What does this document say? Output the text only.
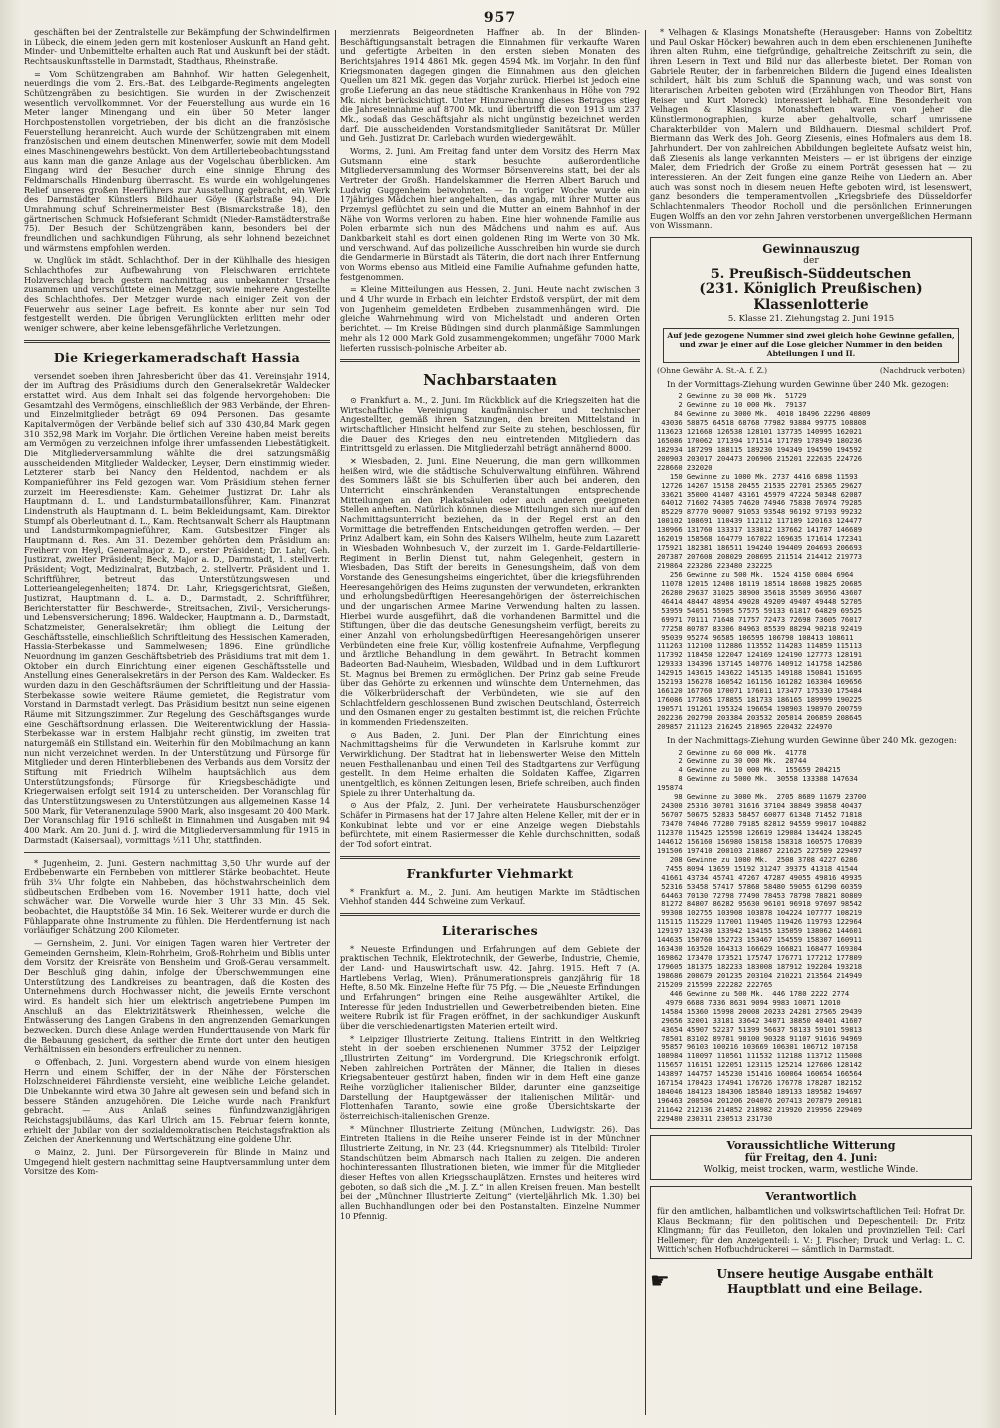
957

geschäften bei der Zentralstelle zur Bekämpfung der Schwindelfirmen in Lübeck, die einem jeden gern mit kostenloser Auskunft an Hand geht. Minder- und Unbemittelte erhalten auch Rat und Auskunft bei der städt. Rechtsauskunftsstelle in Darmstadt, Stadthaus, Rheinstraße.

= Vom Schützengraben am Bahnhof. Wir hatten Gelegenheit, neuerdings die vom 2. Ers.-Bat. des Leibgarde-Regiments angelegten Schützengräben zu besichtigen. Sie wurden in der Zwischenzeit wesentlich vervollkommnet. Vor der Feuerstellung aus wurde ein 16 Meter langer Minengang und ein über 50 Meter langer Horchpostenstollen vorgetrieben, der bis dicht an die französische Feuerstellung heranreicht. Auch wurde der Schützengraben mit einem französischen und einem deutschen Minenwerfer, sowie mit dem Modell eines Maschinengewehrs bestückt. Von dem Artilleriebeobachtungsstand aus kann man die ganze Anlage aus der Vogelschau überblicken. Am Eingang wird der Besucher durch eine sinnige Ehrung des Feldmarschalls Hindenburg überrascht. Es wurde ein wohlgelungenes Relief unseres großen Heerführers zur Ausstellung gebracht, ein Werk des Darmstädter Künstlers Bildhauer Göye (Karlstraße 94). Die Umrahmung schuf Schreinermeister Best (Bismarckstraße 18), den gärtnerischen Schmuck Hofsieferant Schmidt (Nieder-Ramstädterstraße 75). Der Besuch der Schützengräben kann, besonders bei der freundlichen und sachkundigen Führung, als sehr lohnend bezeichnet und wärmstens empfohlen werden.

w. Unglück im städt. Schlachthof. Der in der Kühlhalle des hiesigen Schlachthofes zur Aufbewahrung von Fleischwaren errichtete Holzverschlag brach gestern nachmittag aus unbekannter Ursache zusammen und verschüttete einen Metzger, sowie mehrere Angestellte des Schlachthofes. Der Metzger wurde nach einiger Zeit von der Feuerwehr aus seiner Lage befreit. Es konnte aber nur sein Tod festgestellt werden. Die übrigen Verunglückten erlitten mehr oder weniger schwere, aber keine lebensgefährliche Verletzungen.

Die Kriegerkameradschaft Hassia

versendet soeben ihren Jahresbericht über das 41. Vereinsjahr 1914, der im Auftrag des Präsidiums durch den Generalsekretär Waldecker erstattet wird. Aus dem Inhalt sei das folgende hervorgehoben: Die Gesamtzahl des Vermögens, einschließlich der 983 Verbände, der Ehren- und Einzelmitglieder beträgt 69 094 Personen. Das gesamte Kapitalvermögen der Verbände belief sich auf 330 430,84 Mark gegen 310 352,98 Mark im Vorjahr. Die örtlichen Vereine haben meist bereits am Vermögen zu verzeichnen infolge ihrer umfassenden Liebestätigkeit. Die Mitgliederversammlung wählte die drei satzungsmäßig ausscheidenden Mitglieder Waldecker, Leyser, Dern einstimmig wieder. Letzterer starb bei Nancy den Heldentod, nachdem er als Kompanieführer ins Feld gezogen war. Vom Präsidium stehen ferner zurzeit im Heeresdienste: Kam. Geheimer Justizrat Dr. Lahr als Hauptmann d. L. und Landsturmbataillonsführer, Kam. Finanzrat Lindenstruth als Hauptmann d. L. beim Bekleidungsamt, Kam. Direktor Stumpf als Oberleutnant d. L., Kam. Rechtsanwalt Scherr als Hauptmann und Landsturmkompagnieführer, Kam. Gutsbesitzer Finger als Hauptmann d. Res. Am 31. Dezember gehörten dem Präsidium an: Freiherr von Heyl, Generalmajor z. D., erster Präsident; Dr. Lahr, Geh. Justizrat, zweiter Präsident; Beck, Major a. D., Darmstadt, 1. stellvertr. Präsident; Vogt, Medizinalrat, Butzbach, 2. stellvertr. Präsident und 1. Schriftführer, betreut das Unterstützungswesen und Lotterieangelegenheiten; 1874. Dr. Lahr, Kriegsgerichtsrat, Gießen, Justizrat, Hauptmann d. L. a. D., Darmstadt, 2. Schriftführer, Berichterstatter für Beschwerde-, Streitsachen, Zivil-, Versicherungs- und Lebensversicherung; 1896. Waldecker, Hauptmann a. D., Darmstadt, Schatzmeister, Generalsekretär; ihm obliegt die Leitung der Geschäftsstelle, einschließlich Schriftleitung des Hessischen Kameraden, Hassia-Sterbekasse und Sammelwesen; 1896. Eine gründliche Neuordnung im ganzen Geschäftsbetrieb des Präsidiums trat mit dem 1. Oktober ein durch Einrichtung einer eigenen Geschäftsstelle und Anstellung eines Generalsekretärs in der Person des Kam. Waldecker. Es wurden dazu in den Geschäftsräumen der Schriftleitung und der Hassia-Sterbekasse sowie weitere Räume gemietet, die Registratur vom Vorstand in Darmstadt verlegt. Das Präsidium besitzt nun seine eigenen Räume mit Sitzungszimmer. Zur Regelung des Geschäftsganges wurde eine Geschäftsordnung erlassen. Die Weiterentwicklung der Hassia-Sterbekasse war in erstem Halbjahr recht günstig, im zweiten trat naturgemäß ein Stillstand ein. Weiterhin für den Mobilmachung an kann nun nicht verzeichnet werden. In der Unterstützung und Fürsorge für Mitglieder und deren Hinterbliebenen des Verbands aus dem Vorsitz der Stiftung mit Friedrich Wilhelm hauptsächlich aus dem Unterstützungsfonds; Fürsorge für Kriegsbeschädigte und Kriegerwaisen erfolgt seit 1914 zu unterscheiden. Der Voranschlag für das Unterstützungswesen zu Unterstützungen aus allgemeinen Kasse 14 500 Mark, für Veteranenzulage 5900 Mark, also insgesamt 20 400 Mark. Der Voranschlag für 1916 schließt in Einnahmen und Ausgaben mit 94 400 Mark. Am 20. Juni d. J. wird die Mitgliederversammlung für 1915 in Darmstadt (Kaisersaal), vormittags ½11 Uhr, stattfinden.

* Jugenheim, 2. Juni. Gestern nachmittag 3,50 Uhr wurde auf der Erdbebenwarte ein Fernbeben von mittlerer Stärke beobachtet. Heute früh 3¼ Uhr folgte ein Nahbeben, das höchstwahrscheinlich dem südbeutschen Erdbeben vom 16. November 1911 hatte, doch viel schwächer war. Die Vorwelle wurde hier 3 Uhr 33 Min. 45 Sek. beobachtet, die Hauptstöße 34 Min. 16 Sek. Weiterer wurde er durch die Fühlapparate ohne Instrumente zu fühlen. Die Herdentfernung ist nach vorläufiger Schätzung 200 Kilometer.

— Gernsheim, 2. Juni. Vor einigen Tagen waren hier Vertreter der Gemeinden Gernsheim, Klein-Rohrheim, Groß-Rohrheim und Biblis unter dem Vorsitz der Kreisräte von Bensheim und Groß-Gerau versammelt. Der Beschluß ging dahin, infolge der Überschwemmungen eine Unterstützung des Landkreises zu beantragen, daß die Kosten des Unternehmens durch Hochwasser nicht, die jeweils Ernte verschont wird. Es handelt sich hier um elektrisch angetriebene Pumpen im Anschluß an das Elektrizitätswerk Rheinhessen, welche die Entwässerung des Langen Grabens in den angrenzenden Gemarkungen bezwecken. Durch diese Anlage werden Hunderttausende von Mark für die Bebauung gesichert, da seither die Ernte dort unter den heutigen Verhältnissen ein besonders erfreulicher zu nennen.

⊙ Offenbach, 2. Juni. Vorgestern abend wurde von einem hiesigen Herrn und einem Schiffer, der in der Nähe der Försterschen Holzschneiderei Fährdienste versieht, eine weibliche Leiche gelandet. Die Unbekannte wird etwa 30 Jahre alt gewesen sein und befand sich in bessere Ständen anzugehören. Die Leiche wurde nach Frankfurt gebracht. — Aus Anlaß seines fünfundzwanzigjährigen Reichstagsjubiläums, das Karl Ulrich am 15. Februar feiern konnte, erhielt der Jubilar von der sozialdemokratischen Reichstagsfraktion als Zeichen der Anerkennung und Wertschätzung eine goldene Uhr.

⊙ Mainz, 2. Juni. Der Fürsorgeverein für Blinde in Mainz und Umgegend hielt gestern nachmittag seine Hauptversammlung unter dem Vorsitze des Kom-

merzienrats Beigeordneten Haffner ab. In der Blinden-Beschäftigungsanstalt betragen die Einnahmen für verkaufte Waren und gefertigte Arbeiten in den ersten sieben Monaten des Berichtsjahres 1914 4861 Mk. gegen 4594 Mk. im Vorjahr. In den fünf Kriegsmonaten dagegen gingen die Einnahmen aus den gleichen Quellen um 821 Mk. gegen das Vorjahr zurück. Hierbei ist jedoch eine große Lieferung an das neue städtische Krankenhaus in Höhe von 792 Mk. nicht berücksichtigt. Unter Hinzurechnung dieses Betrages stieg die Jahreseinnahme auf 8700 Mk. und übertrifft die von 1913 um 237 Mk., sodaß das Geschäftsjahr als nicht ungünstig bezeichnet werden darf. Die ausscheidenden Vorstandsmitglieder Sanitätsrat Dr. Müller und Geh. Justizrat Dr. Carlebach wurden wiedergewählt.

Worms, 2. Juni. Am Freitag fand unter dem Vorsitz des Herrn Max Gutsmann eine stark besuchte außerordentliche Mitgliederversammlung des Wormser Börsenvereins statt, bei der als Vertreter der Großh. Handelskammer die Herren Albert Baruch und Ludwig Guggenheim beiwohnten. — In voriger Woche wurde ein 17jähriges Mädchen hier angehalten, das angab, mit ihrer Mutter aus Przemysl geflüchtet zu sein und die Mutter an einem Bahnhof in der Nähe von Worms verloren zu haben. Eine hier wohnende Familie aus Polen erbarmte sich nun des Mädchens und nahm es auf. Aus Dankbarkeit stahl es dort einen goldenen Ring im Werte von 30 Mk. und verschwand. Auf das polizeiliche Ausschreiben hin wurde sie durch die Gendarmerie in Bürstadt als Täterin, die dort nach ihrer Entfernung von Worms ebenso aus Mitleid eine Familie Aufnahme gefunden hatte, festgenommen.

= Kleine Mitteilungen aus Hessen, 2. Juni. Heute nacht zwischen 3 und 4 Uhr wurde in Erbach ein leichter Erdstoß verspürt, der mit dem von Jugenheim gemeldeten Erdbeben zusammenhängen wird. Die gleiche Wahrnehmung wird von Michelstadt und anderen Orten berichtet. — Im Kreise Büdingen sind durch planmäßige Sammlungen mehr als 12 000 Mark Gold zusammengekommen; ungefähr 7000 Mark lieferten russisch-polnische Arbeiter ab.

Nachbarstaaten

⊙ Frankfurt a. M., 2. Juni. Im Rückblick auf die Kriegszeiten hat die Wirtschaftliche Vereinigung kaufmännischer und technischer Angestellter, gemäß ihren Satzungen, den breiten Mittelstand in wirtschaftlicher Hinsicht helfend zur Seite zu stehen, beschlossen, für die Dauer des Krieges den neu eintretenden Mitgliedern das Eintrittsgeld zu erlassen. Die Mitgliederzahl beträgt annähernd 8000.

✕ Wiesbaden, 2. Juni. Eine Neuerung, die man gern willkommen heißen wird, wie die städtische Schulverwaltung einführen. Während des Sommers läßt sie bis Schulferien über auch bei anderen, den Unterricht einschränkenden Veranstaltungen entsprechende Mitteilungen an den Plakatsäulen oder auch anderen geeigneten Stellen anheften. Natürlich können diese Mitteilungen sich nur auf den Nachmittagsunterricht beziehen, da in der Regel erst an den Vormittage die betreffenden Entscheidungen getroffen werden. — Der Prinz Adalbert kam, ein Sohn des Kaisers Wilhelm, heute zum Lazarett in Wiesbaden Wohnbesuch V., der zurzeit im 1. Garde-Feldartillerie-Regiment in Berlin Dienst tut, nahm Gelegenheit, gestern in Wiesbaden, Das Stift der bereits in Genesungsheim, daß von dem Vorstande des Genesungsheims eingerichtet, über die kriegsführenden Heeresangehörigen des Heims zugunsten der verwundeten, erkrankten und erholungsbedürftigen Heeresangehörigen der österreichischen und der ungarischen Armee Marine Verwendung halten zu lassen. Hierbei wurde ausgeführt, daß die vorhandenen Barmittel und die Stiftungen, über die das deutsche Genesungsheim verfügt, bereits zu einer Anzahl von erholungsbedürftigen Heeresangehörigen unserer Verbündeten eine freie Kur, völlig kostenfreie Aufnahme, Verpflegung und ärztliche Behandlung in dem gewährt. In Betracht kommen Badeorten Bad-Nauheim, Wiesbaden, Wildbad und in dem Luftkurort St. Magnus bei Bremen zu ermöglichen. Der Prinz gab seine Freude über das Gehörte zu erkennen und wünschte dem Unternehmen, das die Völkerbrüderschaft der Verbündeten, wie sie auf den Schlachtfeldern geschlossenen Bund zwischen Deutschland, Österreich und den Osmanen enger zu gestalten bestimmt ist, die reichen Früchte in kommenden Friedenszeiten.

⊙ Aus Baden, 2. Juni. Der Plan der Einrichtung eines Nachmittagsheims für die Verwundeten in Karlsruhe kommt zur Verwirklichung. Der Stadtrat hat in liebenswerter Weise den Mitteln neuen Festhallenanbau und einen Teil des Stadtgartens zur Verfügung gestellt. In dem Heime erhalten die Soldaten Kaffee, Zigarren unentgeltlich, es können Zeitungen lesen, Briefe schreiben, auch finden Spiele zu ihrer Unterhaltung da.

⊙ Aus der Pfalz, 2. Juni. Der verheiratete Hausburschenzöger Schäfer in Pirmasens hat der 17 Jahre alten Helene Keller, mit der er in Konkubinat lebte und vor er eine Anzeige wegen Diebstahls befürchtete, mit einem Rasiermesser die Kehle durchschnitten, sodaß der Tod sofort eintrat.

Frankfurter Viehmarkt

* Frankfurt a. M., 2. Juni. Am heutigen Markte im Städtischen Viehhof standen 444 Schweine zum Verkauf.

Literarisches

* Neueste Erfindungen und Erfahrungen auf dem Gebiete der praktischen Technik, Elektrotechnik, der Gewerbe, Industrie, Chemie, der Land- und Hauswirtschaft usw. 42. Jahrg. 1915. Heft 7 (A. Hartlebens Verlag, Wien). Pränumerationspreis ganzjährig für 18 Hefte, 8.50 Mk. Einzelne Hefte für 75 Pfg. — Die „Neueste Erfindungen und Erfahrungen“ bringen eine Reihe ausgewählter Artikel, die Interesse für jeden Industriellen und Gewerbetreibenden bieten. Eine weitere Rubrik ist für Fragen eröffnet, in der sachkundiger Auskunft über die verschiedenartigsten Materien erteilt wird.

* Leipziger Illustrierte Zeitung. Italiens Eintritt in den Weltkrieg steht in der soeben erschienenen Nummer 3752 der Leipziger „Illustrirten Zeitung“ im Vordergrund. Die Kriegschronik erfolgt. Neben zahlreichen Porträten der Männer, die Italien in dieses Kriegsabenteuer gestürzt haben, finden wir in dem Heft eine ganze Reihe vorzüglicher italienischer Bilder, darunter eine ganzseitige Darstellung der Hauptgewässer der italienischen Militär- und Flottenhafen Taranto, sowie eine große Übersichtskarte der österreichisch-italienischen Grenze.

* Münchner Illustrierte Zeitung (München, Ludwigstr. 26). Das Eintreten Italiens in die Reihe unserer Feinde ist in der Münchner Illustrierte Zeitung, in Nr. 23 (44. Kriegsnummer) als Titelbild: Tiroler Standschützen beim Abmarsch nach Italien zu zeigen. Die anderen hochinteressanten Illustrationen bieten, wie immer für die Mitglieder dieser Heftes von allen Kriegsschauplätzen. Ernstes und heiteres wird geboten, so daß sich die „M. J. Z.“ in allen Kreisen freuen. Man bestellt bei der „Münchner Illustrierte Zeitung“ (vierteljährlich Mk. 1.30) bei allen Buchhandlungen oder bei den Postanstalten. Einzelne Nummer 10 Pfennig.

* Velhagen & Klasings Monatshefte (Herausgeber: Hanns von Zobeltitz und Paul Oskar Höcker) bewahren auch in dem eben erschienenen Junihefte ihren alten Ruhm, eine tiefgründige, gehaltreiche Zeitschrift zu sein, die ihren Lesern in Text und Bild nur das allerbeste bietet. Der Roman von Gabriele Reuter, der in farbenreichen Bildern die Jugend eines Idealisten schildert, hält bis zum Schluß die Spannung wach, und was sonst von literarischen Arbeiten geboten wird (Erzählungen von Theodor Birt, Hans Reiser und Kurt Moreck) interessiert lebhaft. Eine Besonderheit von Velhagen & Klasings Monatsheften waren von jeher die Künstlermonographien, kurze aber gehaltvolle, scharf umrissene Charakterbilder von Malern und Bildhauern. Diesmal schildert Prof. Biermann das Werk des Joh. Georg Ziesenis, eines Hofmalers aus dem 18. Jahrhundert. Der von zahlreichen Abbildungen begleitete Aufsatz weist hin, daß Ziesenis als lange verkannten Meisters — er ist übrigens der einzige Maler, dem Friedrich der Große zu einem Porträt gesessen hat — zu interessieren. An der Zeit fungen eine ganze Reihe von Liedern an. Aber auch was sonst noch in diesem neuen Hefte geboten wird, ist lesenswert, ganz besonders die temperamentvollen „Kriegsbriefe des Düsseldorfer Schlachtenmalers Theodor Rocholl und die persönlichen Erinnerungen Eugen Wolffs an den vor zehn Jahren verstorbenen unvergeßlichen Hermann von Wissmann.

Gewinnauszug
der
5. Preußisch-Süddeutschen
(231. Königlich Preußischen) Klassenlotterie
5. Klasse 21. Ziehungstag 2. Juni 1915
Auf jede gezogene Nummer sind zwei gleich hohe Gewinne gefallen, und zwar je einer auf die Lose gleicher Nummer in den beiden Abteilungen I und II.
(Ohne Gewähr A. St.-A. f. Z.)	(Nachdruck verboten)

In der Vormittags-Ziehung wurden Gewinne über 240 Mk. gezogen:

2 Gewinne zu 30 000 Mk.  51729
2 Gewinne zu 10 000 Mk.  79137
84 Gewinne zu 3000 Mk.  4010 18496 22296 40809
43036 58875 64518 68768 77982 93884 99775 108808
113623 121668 126538 128101 137735 140995 162021
165086 170062 171394 171514 171789 178949 180236
182934 187299 188115 189230 194349 194590 194592
200903 203017 204473 206906 215201 222635 224726
228660 232020
150 Gewinne zu 1000 Mk. 2737 4416 6898 11593
12726 14267 15158 20455 21535 22701 25365 29627
33621 35000 41407 43161 45979 47224 50348 62087
64012 71602 74305 74620 74946 75838 76974 79285
85229 87770 90007 91053 93548 96192 97193 99232
100102 108691 110439 112112 117189 120163 124477
130966 131760 133317 133812 137662 141787 146689
162019 158568 164779 167022 169635 171614 172341
175921 182381 186511 194240 194409 204693 206693
207387 207608 208029 208695 211514 214412 219773
219864 223286 223480 232225
256 Gewinne zu 500 Mk.  1524 4150 6004 6964
11078 12015 12408 18119 18514 18608 19825 20685
26280 29637 31025 38900 35618 35509 36956 43607
46414 48447 48954 49028 49209 49407 49448 52705
53959 54051 55905 57575 59133 61817 64829 69525
69971 70111 71648 71757 72473 72698 73605 76017
77258 80787 83306 84963 85539 88294 90218 92419
95039 95274 96585 106595 106790 108413 108611
111263 112100 112886 113552 114283 114859 115113
117392 118450 122047 124169 124190 127773 128191
129333 134396 137145 140776 140912 141758 142586
142915 143615 143622 145135 149188 150841 151695
152193 156278 160542 161156 161282 163304 169656
166120 167760 170071 176011 173477 175330 175484
176086 177865 178855 181733 186165 189999 190225
190571 191261 195324 196654 198903 198970 200759
202236 202790 203384 203532 205014 206859 208645
209857 211123 216245 218965 220432 224970

In der Nachmittags-Ziehung wurden Gewinne über 240 Mk. gezogen:

2 Gewinne zu 60 000 Mk.  41778
2 Gewinne zu 30 000 Mk.  28744
4 Gewinne zu 10 000 Mk.  155659 204215
8 Gewinne zu 5000 Mk.  30558 133388 147634
195874
98 Gewinne zu 3000 Mk.  2705 8689 11679 23700
24300 25316 30701 31616 37104 38849 39858 40437
56707 50675 52833 58457 60077 61348 71452 71818
73470 74046 77280 79185 82812 94559 99017 104882
112370 115425 125598 126619 129084 134424 138245
144612 156160 156980 158158 158318 160575 170839
191506 197410 200103 218867 221625 227509 229497
208 Gewinne zu 1000 Mk.  2508 3708 4227 6286
7455 8094 13659 15192 31247 39375 41318 41544
41661 43734 45741 47267 47287 49055 49816 49935
52316 53458 57417 57868 58480 59055 61290 60359
64463 70130 72798 77490 78453 78798 78821 80809
81272 84807 86282 95630 96101 96918 97697 98542
99308 102755 103908 103878 104224 107777 108219
115115 115229 117001 119405 119426 119793 122964
129197 132430 133942 134155 135059 138062 144601
144635 150760 152723 153467 154559 158307 160911
163430 163520 164313 166629 166821 168477 169304
169862 173470 173521 175747 176771 177212 177809
179605 181375 182233 183008 187912 192204 193218
198686 200679 201235 203104 210221 213564 214949
215209 215599 222282 222765
446 Gewinne zu 500 Mk.  446 1780 2222 2774
4979 6688 7336 8631 9094 9983 10071 12010
14584 15360 15998 20008 20233 24281 27565 29439
29656 32001 33181 33642 34071 38850 40401 41607
43654 45907 52237 51399 56637 58133 59101 59813
78501 83102 89781 90100 90328 91107 91616 94969
95857 96103 100216 103669 106301 106712 107158
108984 110097 110561 111532 112188 113712 115008
115657 116151 122051 123115 125214 127606 128142
143897 144757 145230 151416 160064 160654 166564
167154 170423 174941 176726 176778 178287 182152
184046 184123 184306 185840 189133 189582 194697
196463 200504 201206 204076 207413 207879 209181
211642 212136 214852 218982 219920 219956 229409
229480 230311 230513 231730
Voraussichtliche Witterung
für Freitag, den 4. Juni:
Wolkig, meist trocken, warm, westliche Winde.
Verantwortlich
für den amtlichen, halbamtlichen und volkswirtschaftlichen Teil: Hofrat Dr. Klaus Beckmann; für den politischen und Depeschenteil: Dr. Fritz Klingmann; für das Feuilleton, den lokalen und provinziellen Teil: Carl Hellemer; für den Anzeigenteil: i. V.: J. Fischer; Druck und Verlag: L. C. Wittich'schen Hofbuchdruckerei — sämtlich in Darmstadt.
☛	Unsere heutige Ausgabe enthält Hauptblatt und eine Beilage.
